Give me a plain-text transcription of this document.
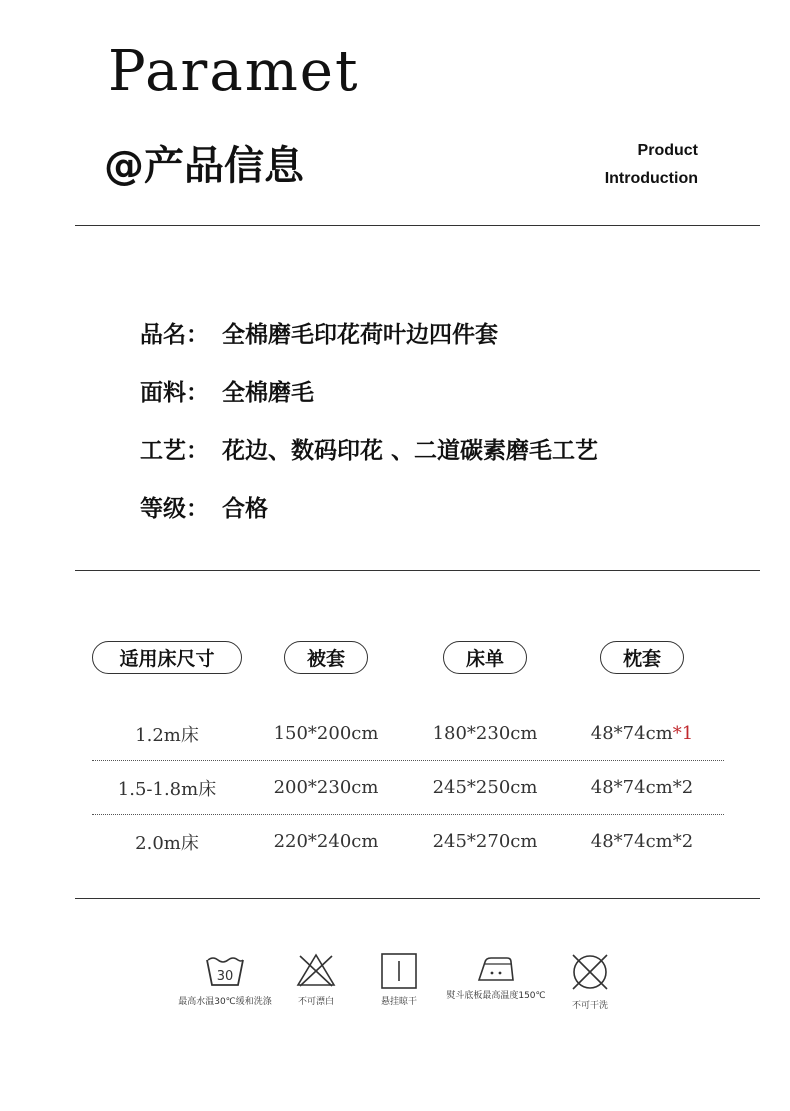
Paramet
@产品信息	Product
Introduction
品名： 全棉磨毛印花荷叶边四件套
面料： 全棉磨毛
工艺： 花边、数码印花 、二道碳素磨毛工艺
等级： 合格
适用床尺寸	被套	床单	枕套
1.2m床	150*200cm	180*230cm	48*74cm*1
1.5-1.8m床	200*230cm	245*250cm	48*74cm*2
2.0m床	220*240cm	245*270cm	48*74cm*2
30
最高水温30℃缓和洗涤	不可漂白	悬挂晾干
熨斗底板最高温度150℃
不可干洗
